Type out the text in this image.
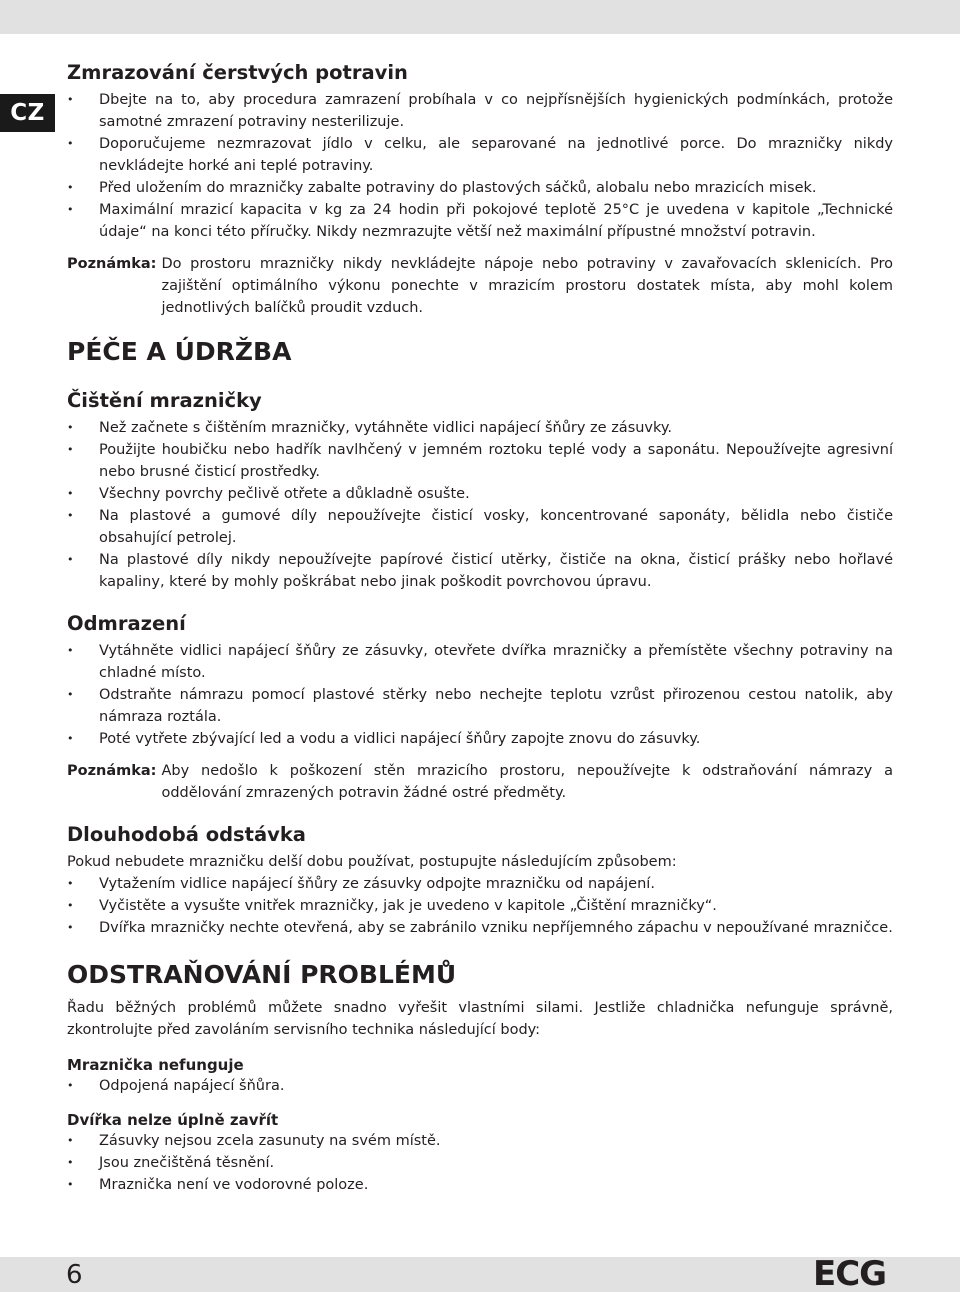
CZ
Zmrazování čerstvých potravin
• Dbejte na to, aby procedura zamrazení probíhala v co nejpřísnějších hygienických podmínkách, protože samotné zmrazení potraviny nesterilizuje.
• Doporučujeme nezmrazovat jídlo v celku, ale separované na jednotlivé porce. Do mrazničky nikdy nevkládejte horké ani teplé potraviny.
• Před uložením do mrazničky zabalte potraviny do plastových sáčků, alobalu nebo mrazicích misek.
• Maximální mrazicí kapacita v kg za 24 hodin při pokojové teplotě 25°C je uvedena v kapitole „Technické údaje“ na konci této příručky. Nikdy nezmrazujte větší než maximální přípustné množství potravin.
Poznámka: Do prostoru mrazničky nikdy nevkládejte nápoje nebo potraviny v zavařovacích sklenicích. Pro zajištění optimálního výkonu ponechte v mrazicím prostoru dostatek místa, aby mohl kolem jednotlivých balíčků proudit vzduch.
PÉČE A ÚDRŽBA
Čištění mrazničky
• Než začnete s čištěním mrazničky, vytáhněte vidlici napájecí šňůry ze zásuvky.
• Použijte houbičku nebo hadřík navlhčený v jemném roztoku teplé vody a saponátu. Nepoužívejte agresivní nebo brusné čisticí prostředky.
• Všechny povrchy pečlivě otřete a důkladně osušte.
• Na plastové a gumové díly nepoužívejte čisticí vosky, koncentrované saponáty, bělidla nebo čističe obsahující petrolej.
• Na plastové díly nikdy nepoužívejte papírové čisticí utěrky, čističe na okna, čisticí prášky nebo hořlavé kapaliny, které by mohly poškrábat nebo jinak poškodit povrchovou úpravu.
Odmrazení
• Vytáhněte vidlici napájecí šňůry ze zásuvky, otevřete dvířka mrazničky a přemístěte všechny potraviny na chladné místo.
• Odstraňte námrazu pomocí plastové stěrky nebo nechejte teplotu vzrůst přirozenou cestou natolik, aby námraza roztála.
• Poté vytřete zbývající led a vodu a vidlici napájecí šňůry zapojte znovu do zásuvky.
Poznámka: Aby nedošlo k poškození stěn mrazicího prostoru, nepoužívejte k odstraňování námrazy a oddělování zmrazených potravin žádné ostré předměty.
Dlouhodobá odstávka

Pokud nebudete mrazničku delší dobu používat, postupujte následujícím způsobem:

• Vytažením vidlice napájecí šňůry ze zásuvky odpojte mrazničku od napájení.
• Vyčistěte a vysušte vnitřek mrazničky, jak je uvedeno v kapitole „Čištění mrazničky“.
• Dvířka mrazničky nechte otevřená, aby se zabránilo vzniku nepříjemného zápachu v nepoužívané mrazničce.
ODSTRAŇOVÁNÍ PROBLÉMŮ

Řadu běžných problémů můžete snadno vyřešit vlastními silami. Jestliže chladnička nefunguje správně, zkontrolujte před zavoláním servisního technika následující body:

Mraznička nefunguje
• Odpojená napájecí šňůra.
Dvířka nelze úplně zavřít
• Zásuvky nejsou zcela zasunuty na svém místě.
• Jsou znečištěná těsnění.
• Mraznička není ve vodorovné poloze.
6	ECG
